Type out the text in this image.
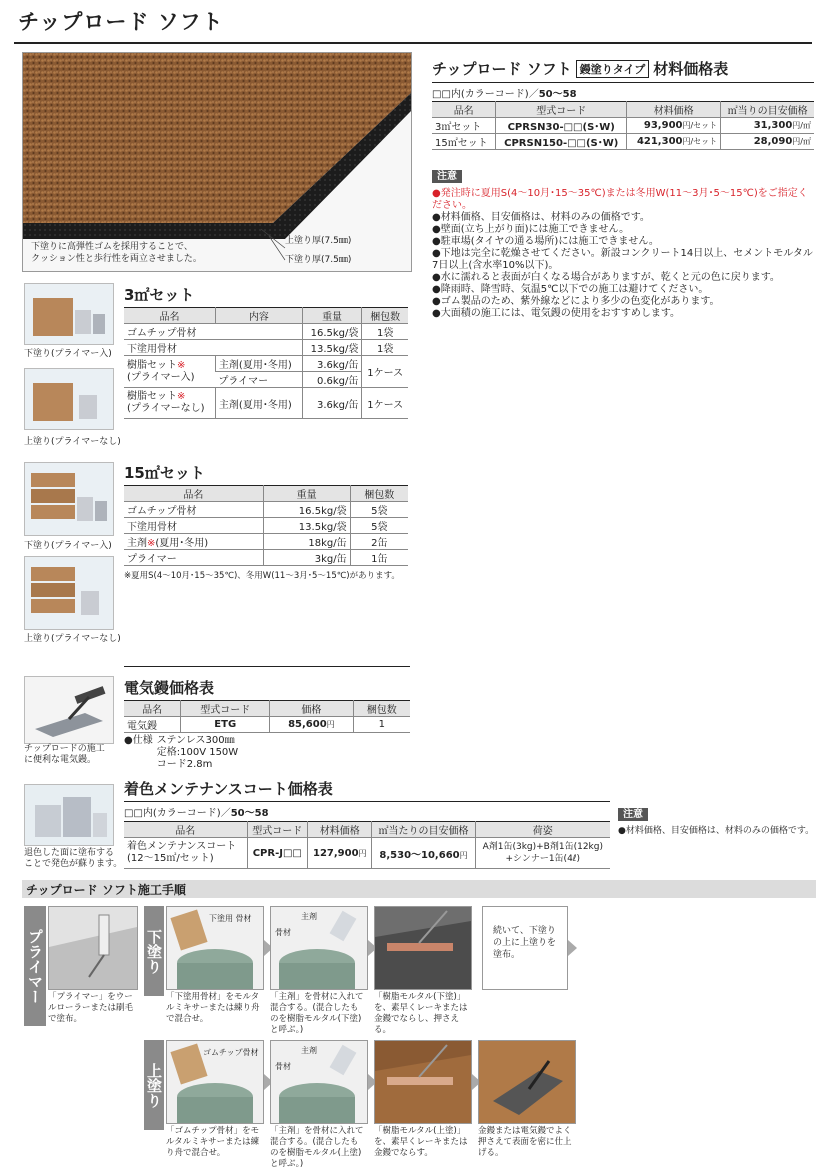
チップロード ソフト
下塗りに高弾性ゴムを採用することで、
クッション性と歩行性を両立させました。
上塗り厚(7.5㎜)
下塗り厚(7.5㎜)
チップロード ソフト 鏝塗りタイプ 材料価格表
□□内(カラーコード)／50〜58
品名	型式コード	材料価格	㎡当りの目安価格
3㎡セット	CPRSN30-□□(S･W)	93,900円/セット	31,300円/㎡
15㎡セット	CPRSN150-□□(S･W)	421,300円/セット	28,090円/㎡
注意
●発注時に夏用S(4〜10月･15〜35℃)または冬用W(11〜3月･5〜15℃)をご指定ください。
●材料価格、目安価格は、材料のみの価格です。
●壁面(立ち上がり面)には施工できません。
●駐車場(タイヤの通る場所)には施工できません。
●下地は完全に乾燥させてください。新設コンクリート14日以上、セメントモルタル7日以上(含水率10%以下)。
●水に濡れると表面が白くなる場合がありますが、乾くと元の色に戻ります。
●降雨時、降雪時、気温5℃以下での施工は避けてください。
●ゴム製品のため、紫外線などにより多少の色変化があります。
●大面積の施工には、電気鏝の使用をおすすめします。
下塗り(プライマー入)
上塗り(プライマーなし)
3㎡セット
品名	内容	重量	梱包数
ゴムチップ骨材		16.5kg/袋	1袋
下塗用骨材		13.5kg/袋	1袋
樹脂セット※
(プライマー入)	主剤(夏用･冬用)	3.6kg/缶	1ケース
	プライマー	0.6kg/缶	
樹脂セット※
(プライマーなし)	主剤(夏用･冬用)	3.6kg/缶	1ケース
下塗り(プライマー入)
上塗り(プライマーなし)
15㎡セット
品名	重量	梱包数
ゴムチップ骨材	16.5kg/袋	5袋
下塗用骨材	13.5kg/袋	5袋
主剤※(夏用･冬用)	18kg/缶	2缶
プライマー	3kg/缶	1缶
※夏用S(4〜10月･15〜35℃)、冬用W(11〜3月･5〜15℃)があります。
チップロードの施工
に便利な電気鏝。
電気鏝価格表
品名	型式コード	価格	梱包数
電気鏝	ETG	85,600円	1
●仕様 ステンレス300㎜
定格:100V 150W
コード2.8m
退色した面に塗布する
ことで発色が蘇ります。
着色メンテナンスコート価格表
□□内(カラーコード)／50〜58
品名	型式コード	材料価格	㎡当たりの目安価格	荷姿
着色メンテナンスコート
(12〜15㎡/セット)	CPR-J□□	127,900円	8,530〜10,660円	A剤1缶(3kg)+B剤1缶(12kg)
+シンナー1缶(4ℓ)
注意
●材料価格、目安価格は、材料のみの価格です。
チップロード ソフト施工手順
プライマー 「プライマー」をウールローラーまたは刷毛で塗布。
下塗り
下塗用 骨材
「下塗用骨材」をモルタルミキサーまたは練り舟で混合せ。
主剤
骨材
「主剤」を骨材に入れて混合する。(混合したものを樹脂モルタル(下塗)と呼ぶ。)
「樹脂モルタル(下塗)」を、素早くレーキまたは金鏝でならし、押さえる。
続いて、下塗りの上に上塗りを塗布。
上塗り
ゴムチップ骨材
「ゴムチップ骨材」をモルタルミキサーまたは練り舟で混合せ。
主剤
骨材
「主剤」を骨材に入れて混合する。(混合したものを樹脂モルタル(上塗)と呼ぶ。)
「樹脂モルタル(上塗)」を、素早くレーキまたは金鏝でならす。
金鏝または電気鏝でよく押さえて表面を密に仕上げる。
